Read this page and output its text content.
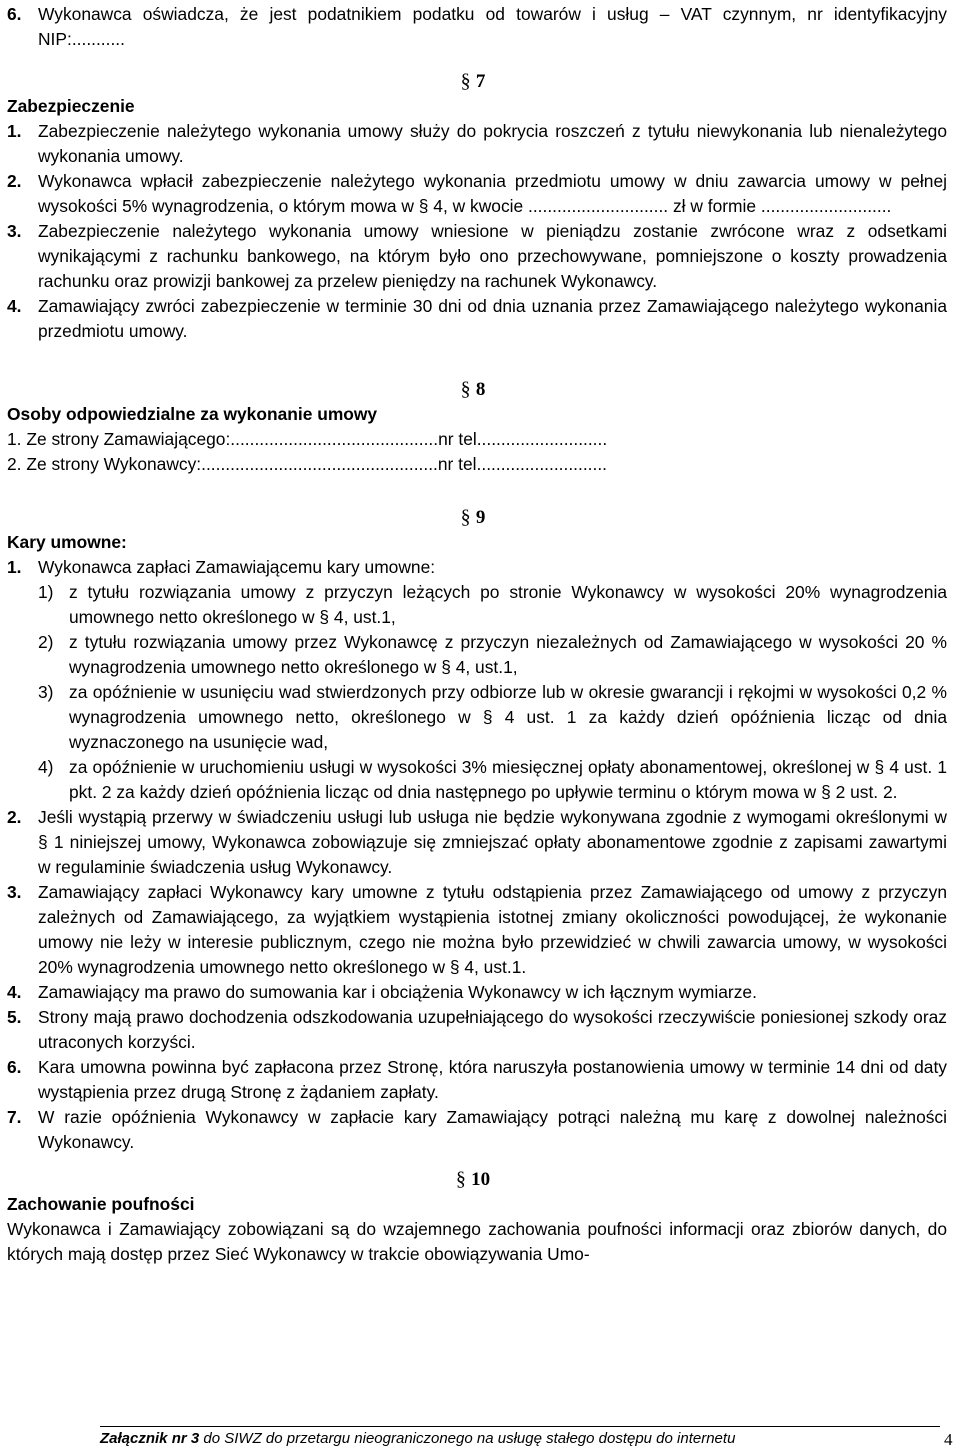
6. Wykonawca oświadcza, że jest podatnikiem podatku od towarów i usług – VAT czynnym, nr identyfikacyjny NIP:...........

§ 7

Zabezpieczenie

1. Zabezpieczenie należytego wykonania umowy służy do pokrycia roszczeń z tytułu niewykonania lub nienależytego wykonania umowy.
2. Wykonawca wpłacił zabezpieczenie należytego wykonania przedmiotu umowy w dniu zawarcia umowy w pełnej wysokości 5% wynagrodzenia, o którym mowa w § 4, w kwocie ............................. zł w formie ...........................
3. Zabezpieczenie należytego wykonania umowy wniesione w pieniądzu zostanie zwrócone wraz z odsetkami wynikającymi z rachunku bankowego, na którym było ono przechowywane, pomniejszone o koszty prowadzenia rachunku oraz prowizji bankowej za przelew pieniędzy na rachunek Wykonawcy.
4. Zamawiający zwróci zabezpieczenie w terminie 30 dni od dnia uznania przez Zamawiającego należytego wykonania przedmiotu umowy.

§ 8

Osoby odpowiedzialne za wykonanie umowy

1. Ze strony Zamawiającego:...........................................nr tel...........................
2. Ze strony Wykonawcy:.................................................nr tel...........................

§ 9

Kary umowne:

1. Wykonawca zapłaci Zamawiającemu kary umowne:
1) z tytułu rozwiązania umowy z przyczyn leżących po stronie Wykonawcy w wysokości 20% wynagrodzenia umownego netto określonego w § 4, ust.1,
2) z tytułu rozwiązania umowy przez Wykonawcę z przyczyn niezależnych od Zamawiającego w wysokości 20 % wynagrodzenia umownego netto określonego w § 4, ust.1,
3) za opóźnienie w usunięciu wad stwierdzonych przy odbiorze lub w okresie gwarancji i rękojmi w wysokości 0,2 % wynagrodzenia umownego netto, określonego w § 4 ust. 1 za każdy dzień opóźnienia licząc od dnia wyznaczonego na usunięcie wad,
4) za opóźnienie w uruchomieniu usługi w wysokości 3% miesięcznej opłaty abonamentowej, określonej w § 4 ust. 1 pkt. 2 za każdy dzień opóźnienia licząc od dnia następnego po upływie terminu o którym mowa w § 2 ust. 2.
2. Jeśli wystąpią przerwy w świadczeniu usługi lub usługa nie będzie wykonywana zgodnie z wymogami określonymi w § 1 niniejszej umowy, Wykonawca zobowiązuje się zmniejszać opłaty abonamentowe zgodnie z zapisami zawartymi w regulaminie świadczenia usług Wykonawcy.
3. Zamawiający zapłaci Wykonawcy kary umowne z tytułu odstąpienia przez Zamawiającego od umowy z przyczyn zależnych od Zamawiającego, za wyjątkiem wystąpienia istotnej zmiany okoliczności powodującej, że wykonanie umowy nie leży w interesie publicznym, czego nie można było przewidzieć w chwili zawarcia umowy, w wysokości 20% wynagrodzenia umownego netto określonego w § 4, ust.1.
4. Zamawiający ma prawo do sumowania kar i obciążenia Wykonawcy w ich łącznym wymiarze.
5. Strony mają prawo dochodzenia odszkodowania uzupełniającego do wysokości rzeczywiście poniesionej szkody oraz utraconych korzyści.
6. Kara umowna powinna być zapłacona przez Stronę, która naruszyła postanowienia umowy w terminie 14 dni od daty wystąpienia przez drugą Stronę z żądaniem zapłaty.
7. W razie opóźnienia Wykonawcy w zapłacie kary Zamawiający potrąci należną mu karę z dowolnej należności Wykonawcy.

§ 10

Zachowanie poufności

Wykonawca i Zamawiający zobowiązani są do wzajemnego zachowania poufności informacji oraz zbiorów danych, do których mają dostęp przez Sieć Wykonawcy w trakcie obowiązywania Umo-

Załącznik nr 3 do SIWZ do przetargu nieograniczonego na usługę stałego dostępu do internetu	4
